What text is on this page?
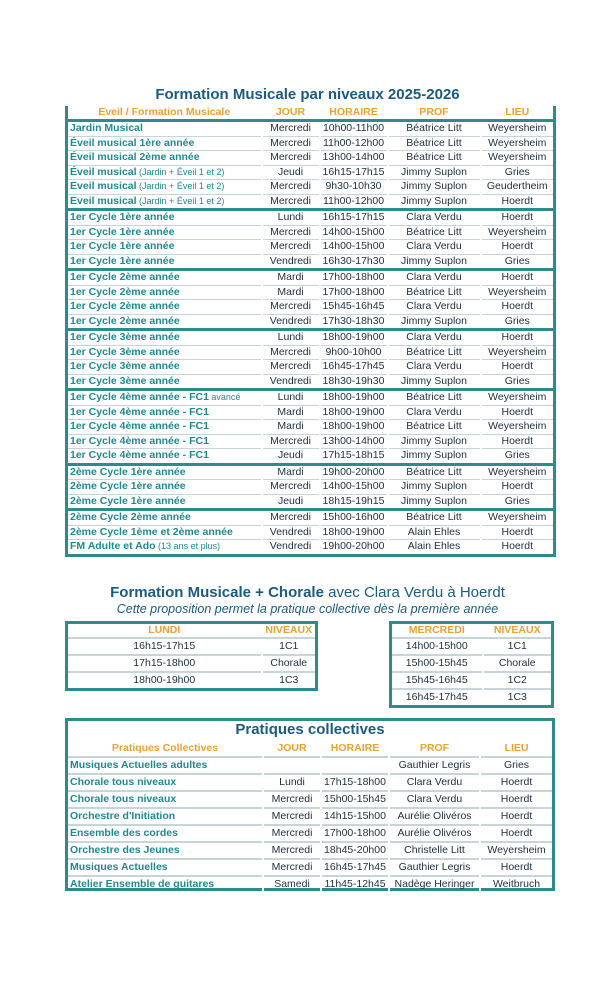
Formation Musicale par niveaux 2025-2026
Eveil / Formation Musicale	JOUR	HORAIRE	PROF	LIEU
Jardin Musical	Mercredi	10h00-11h00	Béatrice Litt	Weyersheim
Éveil musical 1ère année	Mercredi	11h00-12h00	Béatrice Litt	Weyersheim
Éveil musical 2ème année	Mercredi	13h00-14h00	Béatrice Litt	Weyersheim
Éveil musical (Jardin + Éveil 1 et 2)	Jeudi	16h15-17h15	Jimmy Suplon	Gries
Eveil musical (Jardin + Éveil 1 et 2)	Mercredi	9h30-10h30	Jimmy Suplon	Geudertheim
Eveil musical (Jardin + Éveil 1 et 2)	Mercredi	11h00-12h00	Jimmy Suplon	Hoerdt
1er Cycle 1ère année	Lundi	16h15-17h15	Clara Verdu	Hoerdt
1er Cycle 1ère année	Mercredi	14h00-15h00	Béatrice Litt	Weyersheim
1er Cycle 1ère année	Mercredi	14h00-15h00	Clara Verdu	Hoerdt
1er Cycle 1ère année	Vendredi	16h30-17h30	Jimmy Suplon	Gries
1er Cycle 2ème année	Mardi	17h00-18h00	Clara Verdu	Hoerdt
1er Cycle 2ème année	Mardi	17h00-18h00	Béatrice Litt	Weyersheim
1er Cycle 2ème année	Mercredi	15h45-16h45	Clara Verdu	Hoerdt
1er Cycle 2ème année	Vendredi	17h30-18h30	Jimmy Suplon	Gries
1er Cycle 3ème année	Lundi	18h00-19h00	Clara Verdu	Hoerdt
1er Cycle 3ème année	Mercredi	9h00-10h00	Béatrice Litt	Weyersheim
1er Cycle 3ème année	Mercredi	16h45-17h45	Clara Verdu	Hoerdt
1er Cycle 3ème année	Vendredi	18h30-19h30	Jimmy Suplon	Gries
1er Cycle 4ème année - FC1 avancé	Lundi	18h00-19h00	Béatrice Litt	Weyersheim
1er Cycle 4ème année - FC1	Mardi	18h00-19h00	Clara Verdu	Hoerdt
1er Cycle 4ème année - FC1	Mardi	18h00-19h00	Béatrice Litt	Weyersheim
1er Cycle 4ème année - FC1	Mercredi	13h00-14h00	Jimmy Suplon	Hoerdt
1er Cycle 4ème année - FC1	Jeudi	17h15-18h15	Jimmy Suplon	Gries
2ème Cycle 1ère année	Mardi	19h00-20h00	Béatrice Litt	Weyersheim
2ème Cycle 1ère année	Mercredi	14h00-15h00	Jimmy Suplon	Hoerdt
2ème Cycle 1ère année	Jeudi	18h15-19h15	Jimmy Suplon	Gries
2ème Cycle 2ème année	Mercredi	15h00-16h00	Béatrice Litt	Weyersheim
2ème Cycle 1ème et 2ème année	Vendredi	18h00-19h00	Alain Ehles	Hoerdt
FM Adulte et Ado (13 ans et plus)	Vendredi	19h00-20h00	Alain Ehles	Hoerdt
Formation Musicale + Chorale avec Clara Verdu à Hoerdt
Cette proposition permet la pratique collective dès la première année
LUNDI	NIVEAUX
16h15-17h15	1C1
17h15-18h00	Chorale
18h00-19h00	1C3
MERCREDI	NIVEAUX
14h00-15h00	1C1
15h00-15h45	Chorale
15h45-16h45	1C2
16h45-17h45	1C3
Pratiques collectives
Pratiques Collectives	JOUR	HORAIRE	PROF	LIEU
Musiques Actuelles adultes			Gauthier Legris	Gries
Chorale tous niveaux	Lundi	17h15-18h00	Clara Verdu	Hoerdt
Chorale tous niveaux	Mercredi	15h00-15h45	Clara Verdu	Hoerdt
Orchestre d'Initiation	Mercredi	14h15-15h00	Aurélie Olivéros	Hoerdt
Ensemble des cordes	Mercredi	17h00-18h00	Aurélie Olivéros	Hoerdt
Orchestre des Jeunes	Mercredi	18h45-20h00	Christelle Litt	Weyersheim
Musiques Actuelles	Mercredi	16h45-17h45	Gauthier Legris	Hoerdt
Atelier Ensemble de guitares	Samedi	11h45-12h45	Nadège Heringer	Weitbruch
